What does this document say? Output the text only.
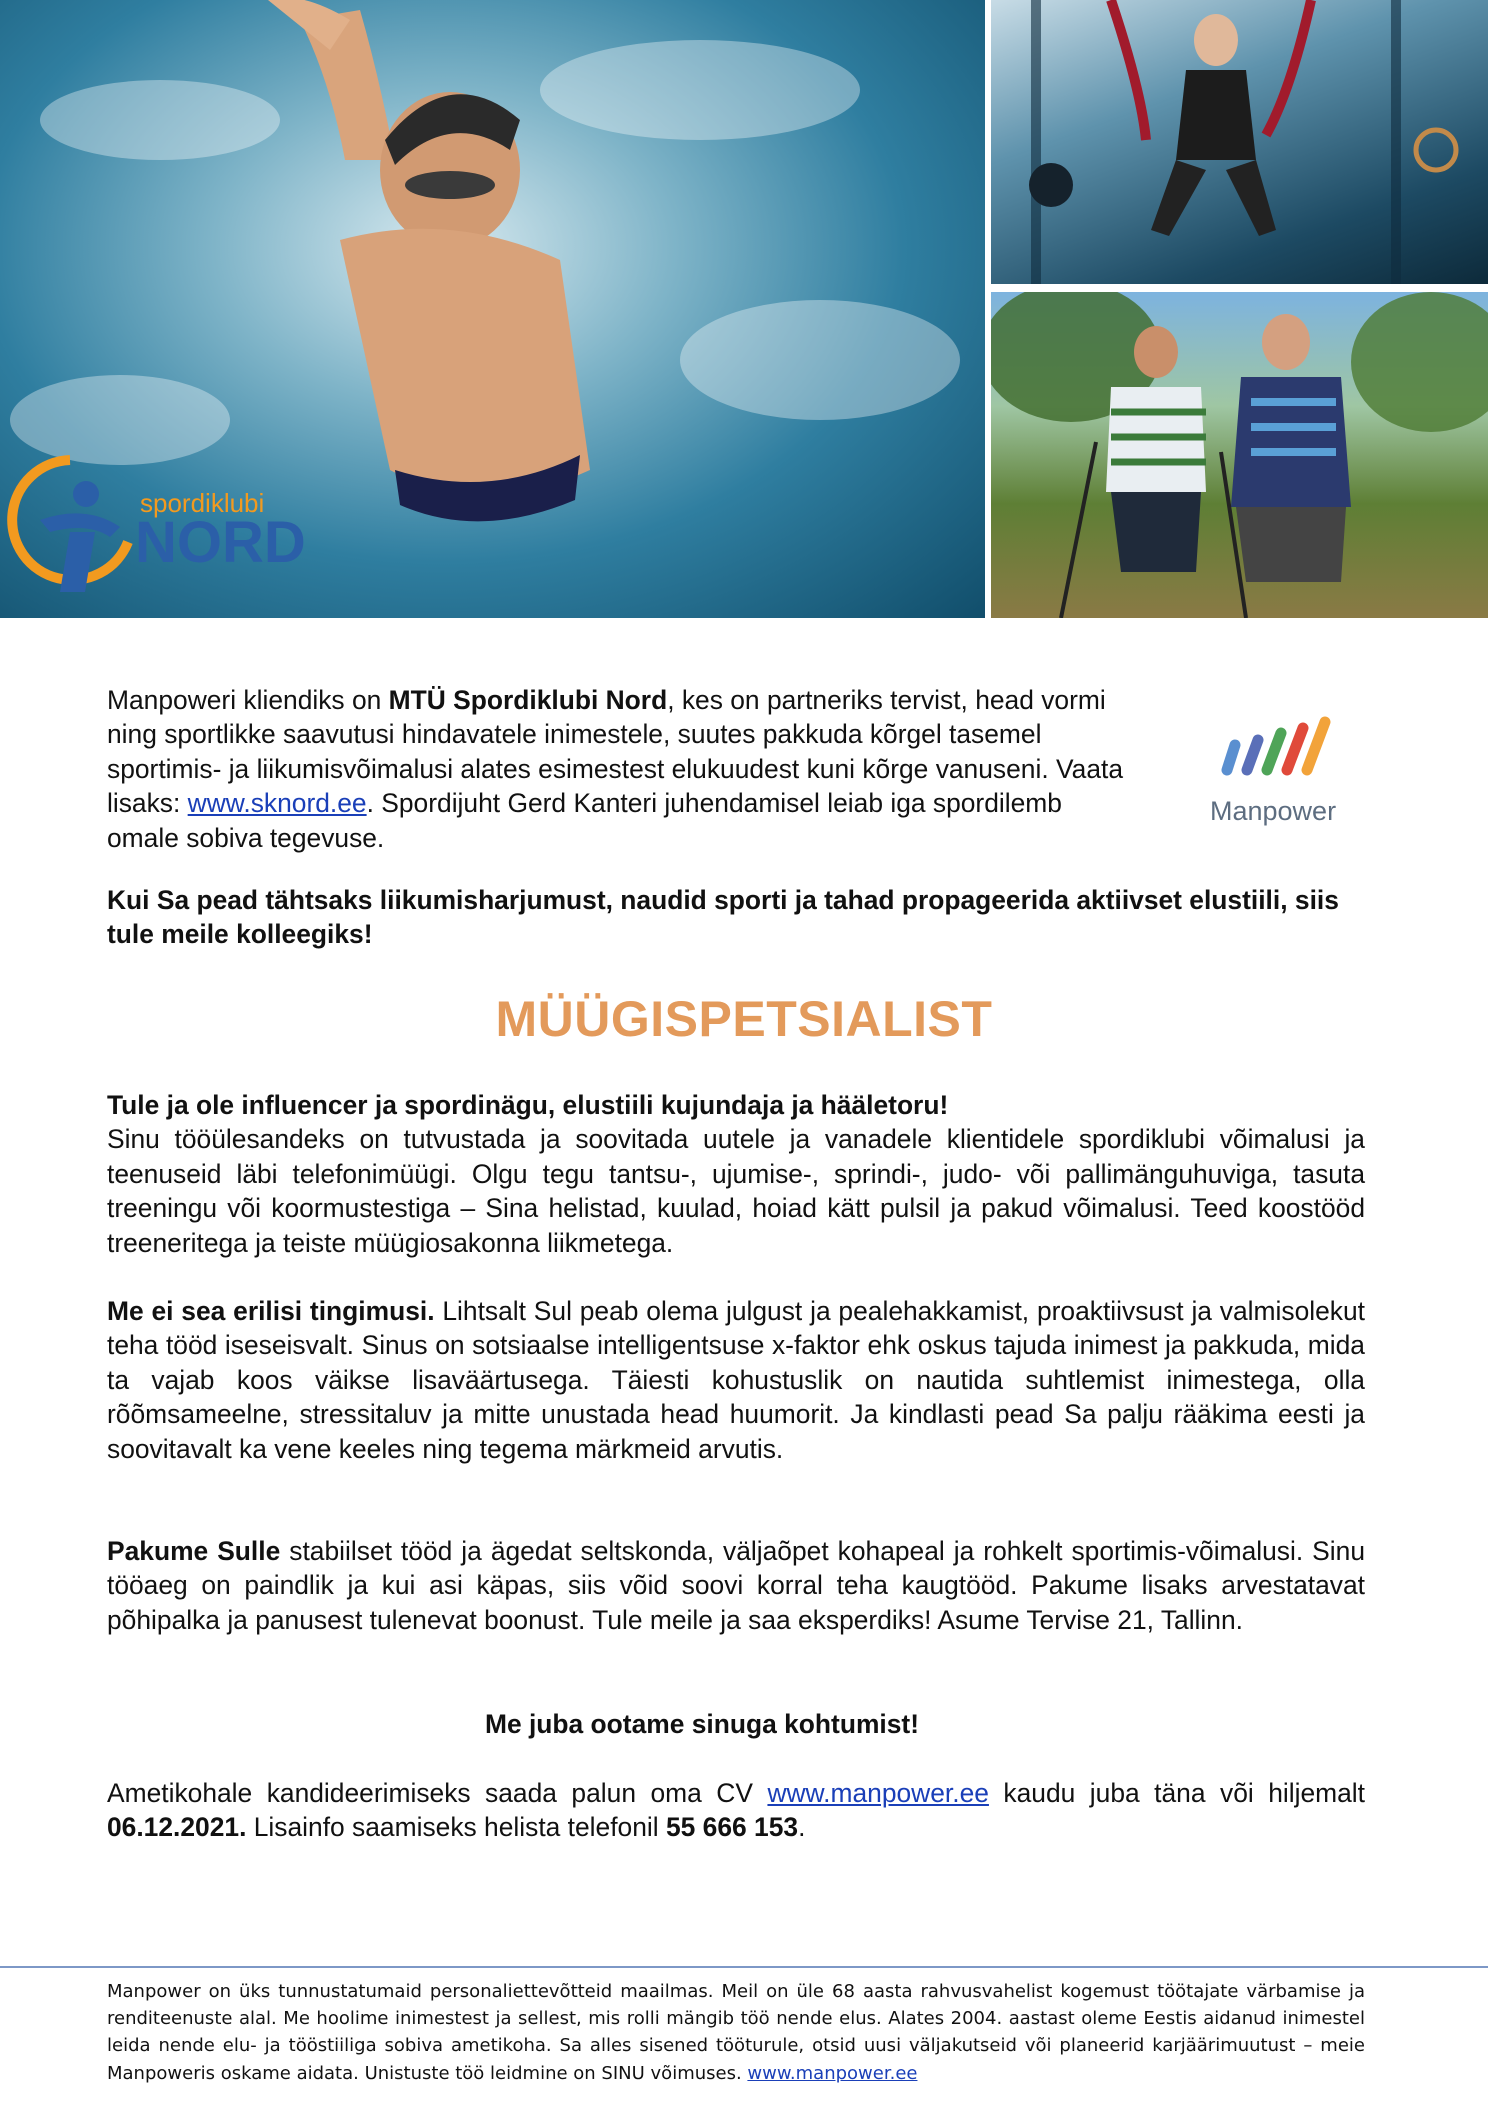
spordiklubi
NORD
Manpoweri kliendiks on MTÜ Spordiklubi Nord, kes on partneriks tervist, head vormi ning sportlikke saavutusi hindavatele inimestele, suutes pakkuda kõrgel tasemel sportimis- ja liikumisvõimalusi alates esimestest elukuudest kuni kõrge vanuseni. Vaata lisaks: www.sknord.ee. Spordijuht Gerd Kanteri juhendamisel leiab iga spordilemb omale sobiva tegevuse.
Manpower
Kui Sa pead tähtsaks liikumisharjumust, naudid sporti ja tahad propageerida aktiivset elustiili, siis tule meile kolleegiks!
MÜÜGISPETSIALIST
Tule ja ole influencer ja spordinägu, elustiili kujundaja ja hääletoru!
Sinu tööülesandeks on tutvustada ja soovitada uutele ja vanadele klientidele spordiklubi võimalusi ja teenuseid läbi telefonimüügi. Olgu tegu tantsu-, ujumise-, sprindi-, judo- või pallimänguhuviga, tasuta treeningu või koormustestiga – Sina helistad, kuulad, hoiad kätt pulsil ja pakud võimalusi. Teed koostööd treeneritega ja teiste müügiosakonna liikmetega.
Me ei sea erilisi tingimusi. Lihtsalt Sul peab olema julgust ja pealehakkamist, proaktiivsust ja valmisolekut teha tööd iseseisvalt. Sinus on sotsiaalse intelligentsuse x-faktor ehk oskus tajuda inimest ja pakkuda, mida ta vajab koos väikse lisaväärtusega. Täiesti kohustuslik on nautida suhtlemist inimestega, olla rõõmsameelne, stressitaluv ja mitte unustada head huumorit. Ja kindlasti pead Sa palju rääkima eesti ja soovitavalt ka vene keeles ning tegema märkmeid arvutis.
Pakume Sulle stabiilset tööd ja ägedat seltskonda, väljaõpet kohapeal ja rohkelt sportimis-võimalusi. Sinu tööaeg on paindlik ja kui asi käpas, siis võid soovi korral teha kaugtööd. Pakume lisaks arvestatavat põhipalka ja panusest tulenevat boonust. Tule meile ja saa eksperdiks! Asume Tervise 21, Tallinn.
Me juba ootame sinuga kohtumist!
Ametikohale kandideerimiseks saada palun oma CV www.manpower.ee kaudu juba täna või hiljemalt 06.12.2021. Lisainfo saamiseks helista telefonil 55 666 153.
Manpower on üks tunnustatumaid personaliettevõtteid maailmas. Meil on üle 68 aasta rahvusvahelist kogemust töötajate värbamise ja renditeenuste alal. Me hoolime inimestest ja sellest, mis rolli mängib töö nende elus. Alates 2004. aastast oleme Eestis aidanud inimestel leida nende elu- ja tööstiiliga sobiva ametikoha. Sa alles sisened tööturule, otsid uusi väljakutseid või planeerid karjäärimuutust – meie Manpoweris oskame aidata. Unistuste töö leidmine on SINU võimuses. www.manpower.ee
